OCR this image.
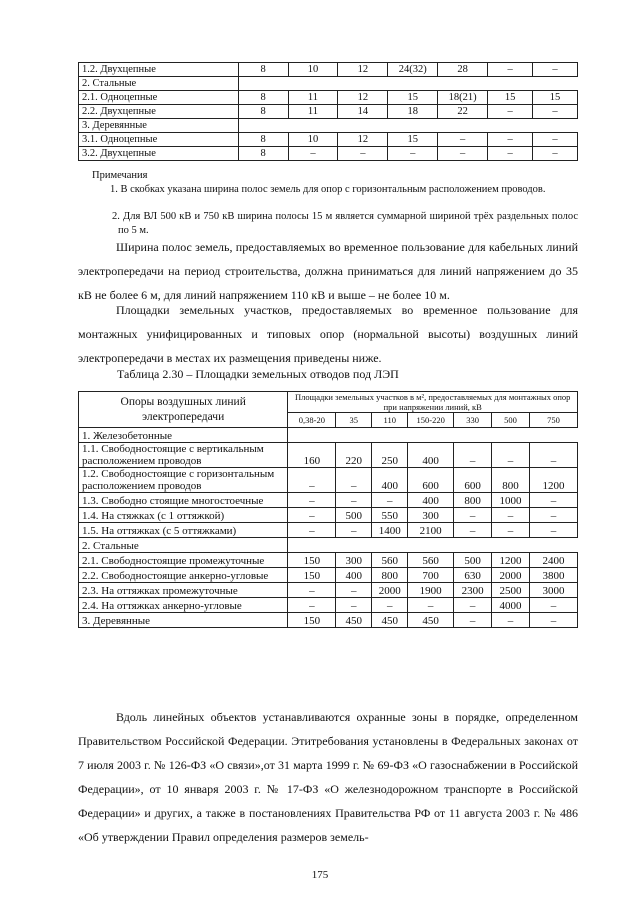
1.2. Двухцепные	8	10	12	24(32)	28	–	–
2. Стальные							
2.1. Одноцепные	8	11	12	15	18(21)	15	15
2.2. Двухцепные	8	11	14	18	22	–	–
3. Деревянные							
3.1. Одноцепные	8	10	12	15	–	–	–
3.2. Двухцепные	8	–	–	–	–	–	–
Примечания

1. В скобках указана ширина полос земель для опор с горизонтальным расположением проводов.

2. Для ВЛ 500 кВ и 750 кВ ширина полосы 15 м является суммарной шириной трёх раздельных полос по 5 м.

Ширина полос земель, предоставляемых во временное пользование для кабельных линий электропередачи на период строительства, должна приниматься для линий напряжением до 35 кВ не более 6 м, для линий напряжением 110 кВ и выше – не более 10 м.

Площадки земельных участков, предоставляемых во временное пользование для монтажных унифицированных и типовых опор (нормальной высоты) воздушных линий электропередачи в местах их размещения приведены ниже.

Таблица 2.30 – Площадки земельных отводов под ЛЭП
Опоры воздушных линий электропередачи	Площадки земельных участков в м², предоставляемых для монтажных опор при напряжении линий, кВ						
	0,38-20	35	110	150-220	330	500	750
1. Железобетонные							
1.1. Свободностоящие с вертикальным расположением проводов	160	220	250	400	–	–	–
1.2. Свободностоящие с горизонтальным расположением проводов	–	–	400	600	600	800	1200
1.3. Свободно стоящие многостоечные	–	–	–	400	800	1000	–
1.4. На стяжках (с 1 оттяжкой)	–	500	550	300	–	–	–
1.5. На оттяжках (с 5 оттяжками)	–	–	1400	2100	–	–	–
2. Стальные							
2.1. Свободностоящие промежуточные	150	300	560	560	500	1200	2400
2.2. Свободностоящие анкерно-угловые	150	400	800	700	630	2000	3800
2.3. На оттяжках промежуточные	–	–	2000	1900	2300	2500	3000
2.4. На оттяжках анкерно-угловые	–	–	–	–	–	4000	–
3. Деревянные	150	450	450	450	–	–	–

Вдоль линейных объектов устанавливаются охранные зоны в порядке, определенном Правительством Российской Федерации. Этитребования установлены в Федеральных законах от 7 июля 2003 г. № 126-ФЗ «О связи»,от 31 марта 1999 г. № 69-ФЗ «О газоснабжении в Российской Федерации», от 10 января 2003 г. № 17-ФЗ «О железнодорожном транспорте в Российской Федерации» и других, а также в постановлениях Правительства РФ от 11 августа 2003 г. № 486 «Об утверждении Правил определения размеров земель-

175
